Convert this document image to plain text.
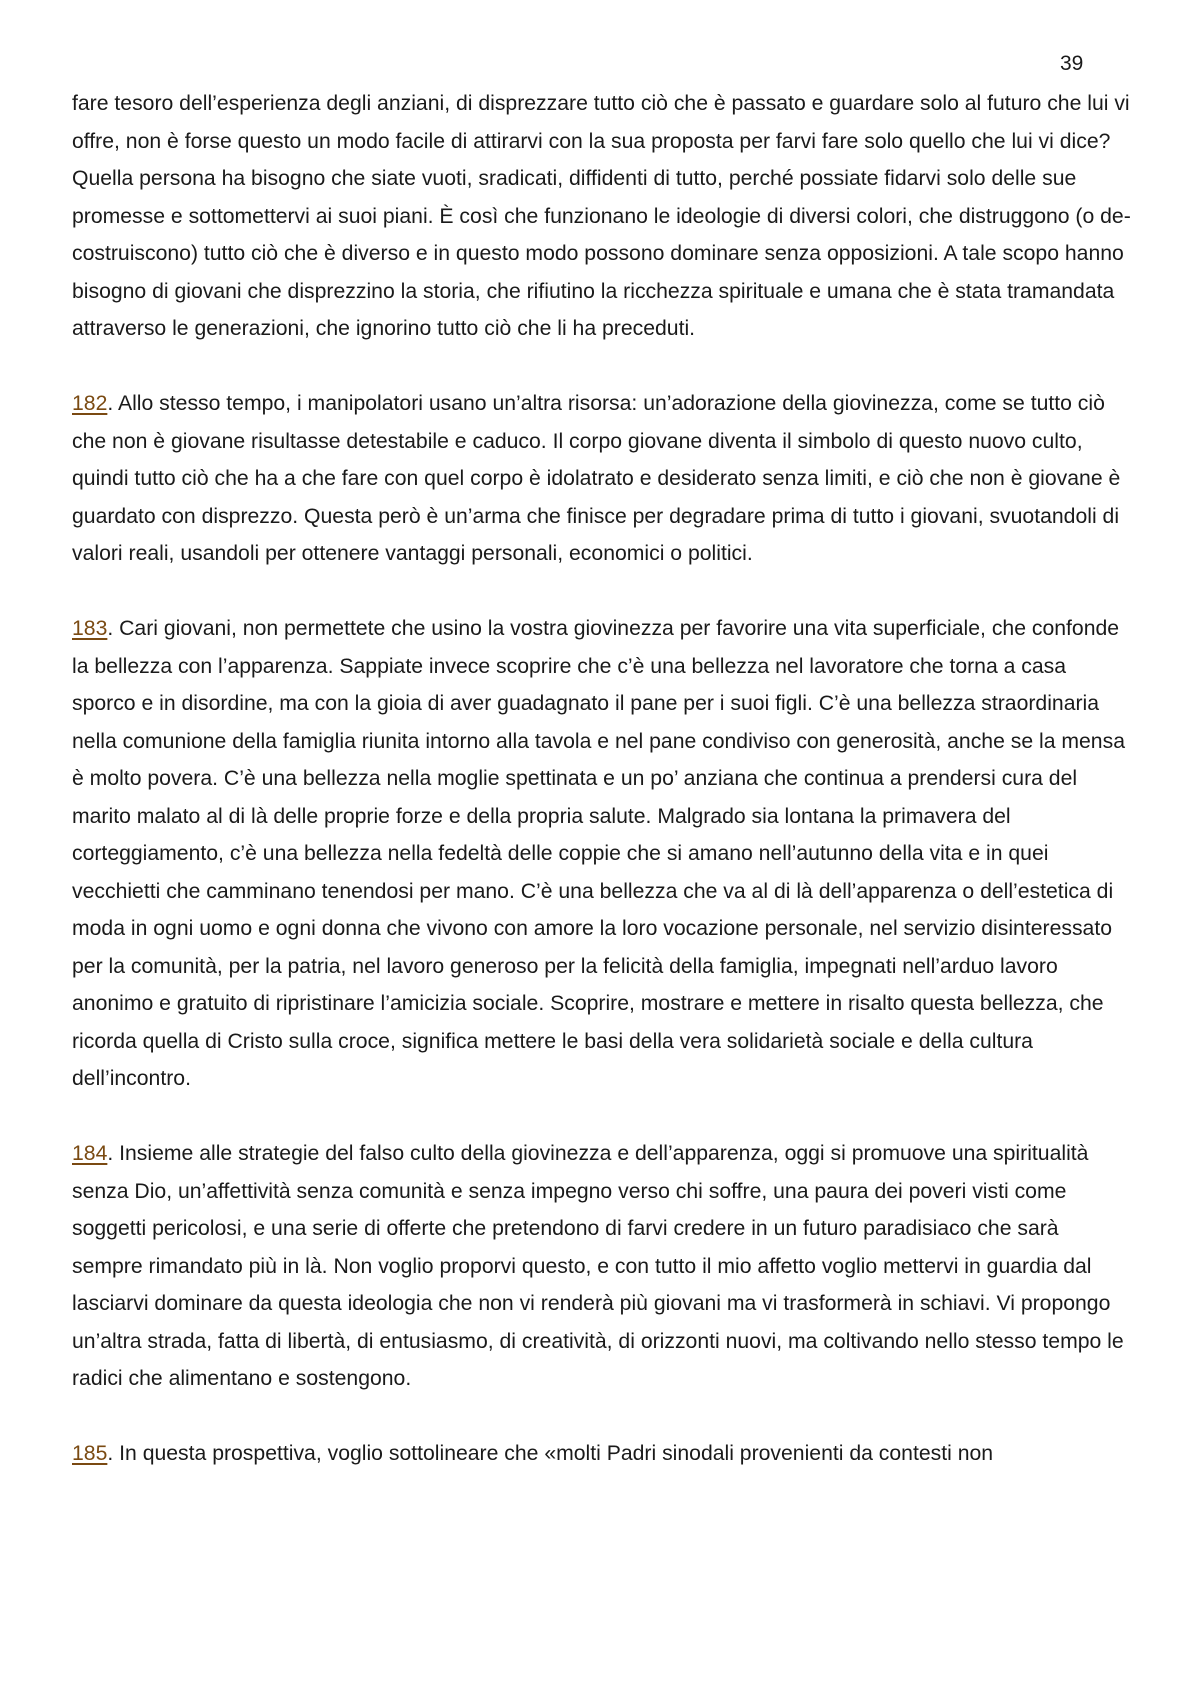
39

fare tesoro dell’esperienza degli anziani, di disprezzare tutto ciò che è passato e guardare solo al futuro che lui vi offre, non è forse questo un modo facile di attirarvi con la sua proposta per farvi fare solo quello che lui vi dice? Quella persona ha bisogno che siate vuoti, sradicati, diffidenti di tutto, perché possiate fidarvi solo delle sue promesse e sottomettervi ai suoi piani. È così che funzionano le ideologie di diversi colori, che distruggono (o de-costruiscono) tutto ciò che è diverso e in questo modo possono dominare senza opposizioni. A tale scopo hanno bisogno di giovani che disprezzino la storia, che rifiutino la ricchezza spirituale e umana che è stata tramandata attraverso le generazioni, che ignorino tutto ciò che li ha preceduti.

182. Allo stesso tempo, i manipolatori usano un’altra risorsa: un’adorazione della giovinezza, come se tutto ciò che non è giovane risultasse detestabile e caduco. Il corpo giovane diventa il simbolo di questo nuovo culto, quindi tutto ciò che ha a che fare con quel corpo è idolatrato e desiderato senza limiti, e ciò che non è giovane è guardato con disprezzo. Questa però è un’arma che finisce per degradare prima di tutto i giovani, svuotandoli di valori reali, usandoli per ottenere vantaggi personali, economici o politici.

183. Cari giovani, non permettete che usino la vostra giovinezza per favorire una vita superficiale, che confonde la bellezza con l’apparenza. Sappiate invece scoprire che c’è una bellezza nel lavoratore che torna a casa sporco e in disordine, ma con la gioia di aver guadagnato il pane per i suoi figli. C’è una bellezza straordinaria nella comunione della famiglia riunita intorno alla tavola e nel pane condiviso con generosità, anche se la mensa è molto povera. C’è una bellezza nella moglie spettinata e un po’ anziana che continua a prendersi cura del marito malato al di là delle proprie forze e della propria salute. Malgrado sia lontana la primavera del corteggiamento, c’è una bellezza nella fedeltà delle coppie che si amano nell’autunno della vita e in quei vecchietti che camminano tenendosi per mano. C’è una bellezza che va al di là dell’apparenza o dell’estetica di moda in ogni uomo e ogni donna che vivono con amore la loro vocazione personale, nel servizio disinteressato per la comunità, per la patria, nel lavoro generoso per la felicità della famiglia, impegnati nell’arduo lavoro anonimo e gratuito di ripristinare l’amicizia sociale. Scoprire, mostrare e mettere in risalto questa bellezza, che ricorda quella di Cristo sulla croce, significa mettere le basi della vera solidarietà sociale e della cultura dell’incontro.

184. Insieme alle strategie del falso culto della giovinezza e dell’apparenza, oggi si promuove una spiritualità senza Dio, un’affettività senza comunità e senza impegno verso chi soffre, una paura dei poveri visti come soggetti pericolosi, e una serie di offerte che pretendono di farvi credere in un futuro paradisiaco che sarà sempre rimandato più in là. Non voglio proporvi questo, e con tutto il mio affetto voglio mettervi in guardia dal lasciarvi dominare da questa ideologia che non vi renderà più giovani ma vi trasformerà in schiavi. Vi propongo un’altra strada, fatta di libertà, di entusiasmo, di creatività, di orizzonti nuovi, ma coltivando nello stesso tempo le radici che alimentano e sostengono.

185. In questa prospettiva, voglio sottolineare che «molti Padri sinodali provenienti da contesti non
